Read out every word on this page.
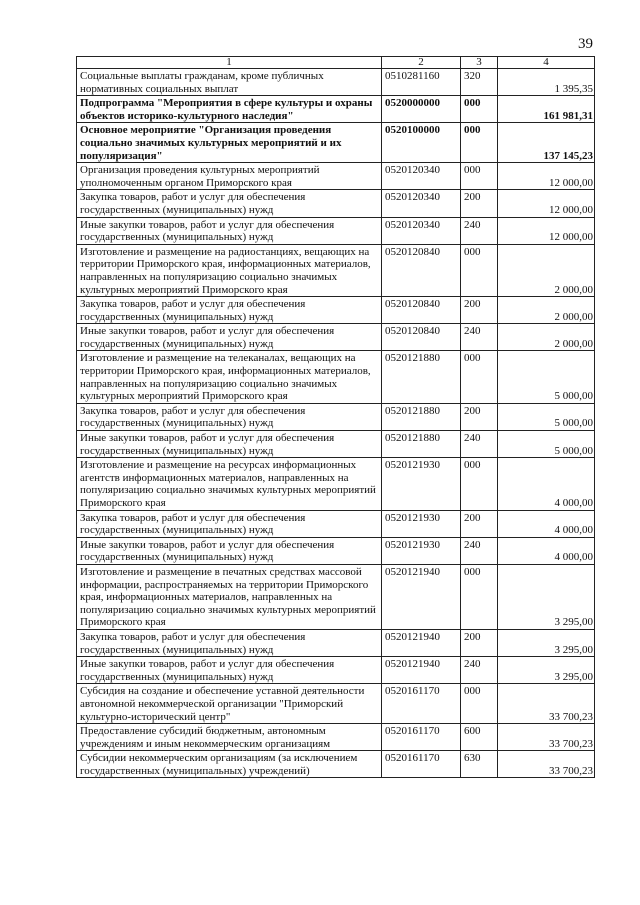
39
1	2	3	4
Социальные выплаты гражданам, кроме публичных нормативных социальных выплат	0510281160	320	1 395,35
Подпрограмма "Мероприятия в сфере культуры и охраны объектов историко-культурного наследия"	0520000000	000	161 981,31
Основное мероприятие "Организация проведения социально значимых культурных мероприятий и их популяризация"	0520100000	000	137 145,23
Организация проведения культурных мероприятий уполномоченным органом Приморского края	0520120340	000	12 000,00
Закупка товаров, работ и услуг для обеспечения государственных (муниципальных) нужд	0520120340	200	12 000,00
Иные закупки товаров, работ и услуг для обеспечения государственных (муниципальных) нужд	0520120340	240	12 000,00
Изготовление и размещение на радиостанциях, вещающих на территории Приморского края, информационных материалов, направленных на популяризацию социально значимых культурных мероприятий Приморского края	0520120840	000	2 000,00
Закупка товаров, работ и услуг для обеспечения государственных (муниципальных) нужд	0520120840	200	2 000,00
Иные закупки товаров, работ и услуг для обеспечения государственных (муниципальных) нужд	0520120840	240	2 000,00
Изготовление и размещение на телеканалах, вещающих на территории Приморского края, информационных материалов, направленных на популяризацию социально значимых культурных мероприятий Приморского края	0520121880	000	5 000,00
Закупка товаров, работ и услуг для обеспечения государственных (муниципальных) нужд	0520121880	200	5 000,00
Иные закупки товаров, работ и услуг для обеспечения государственных (муниципальных) нужд	0520121880	240	5 000,00
Изготовление и размещение на ресурсах информационных агентств информационных материалов, направленных на популяризацию социально значимых культурных мероприятий Приморского края	0520121930	000	4 000,00
Закупка товаров, работ и услуг для обеспечения государственных (муниципальных) нужд	0520121930	200	4 000,00
Иные закупки товаров, работ и услуг для обеспечения государственных (муниципальных) нужд	0520121930	240	4 000,00
Изготовление и размещение в печатных средствах массовой информации, распространяемых на территории Приморского края, информационных материалов, направленных на популяризацию социально значимых культурных мероприятий Приморского края	0520121940	000	3 295,00
Закупка товаров, работ и услуг для обеспечения государственных (муниципальных) нужд	0520121940	200	3 295,00
Иные закупки товаров, работ и услуг для обеспечения государственных (муниципальных) нужд	0520121940	240	3 295,00
Субсидия на создание и обеспечение уставной деятельности автономной некоммерческой организации "Приморский культурно-исторический центр"	0520161170	000	33 700,23
Предоставление субсидий бюджетным, автономным учреждениям и иным некоммерческим организациям	0520161170	600	33 700,23
Субсидии некоммерческим организациям (за исключением государственных (муниципальных) учреждений)	0520161170	630	33 700,23
